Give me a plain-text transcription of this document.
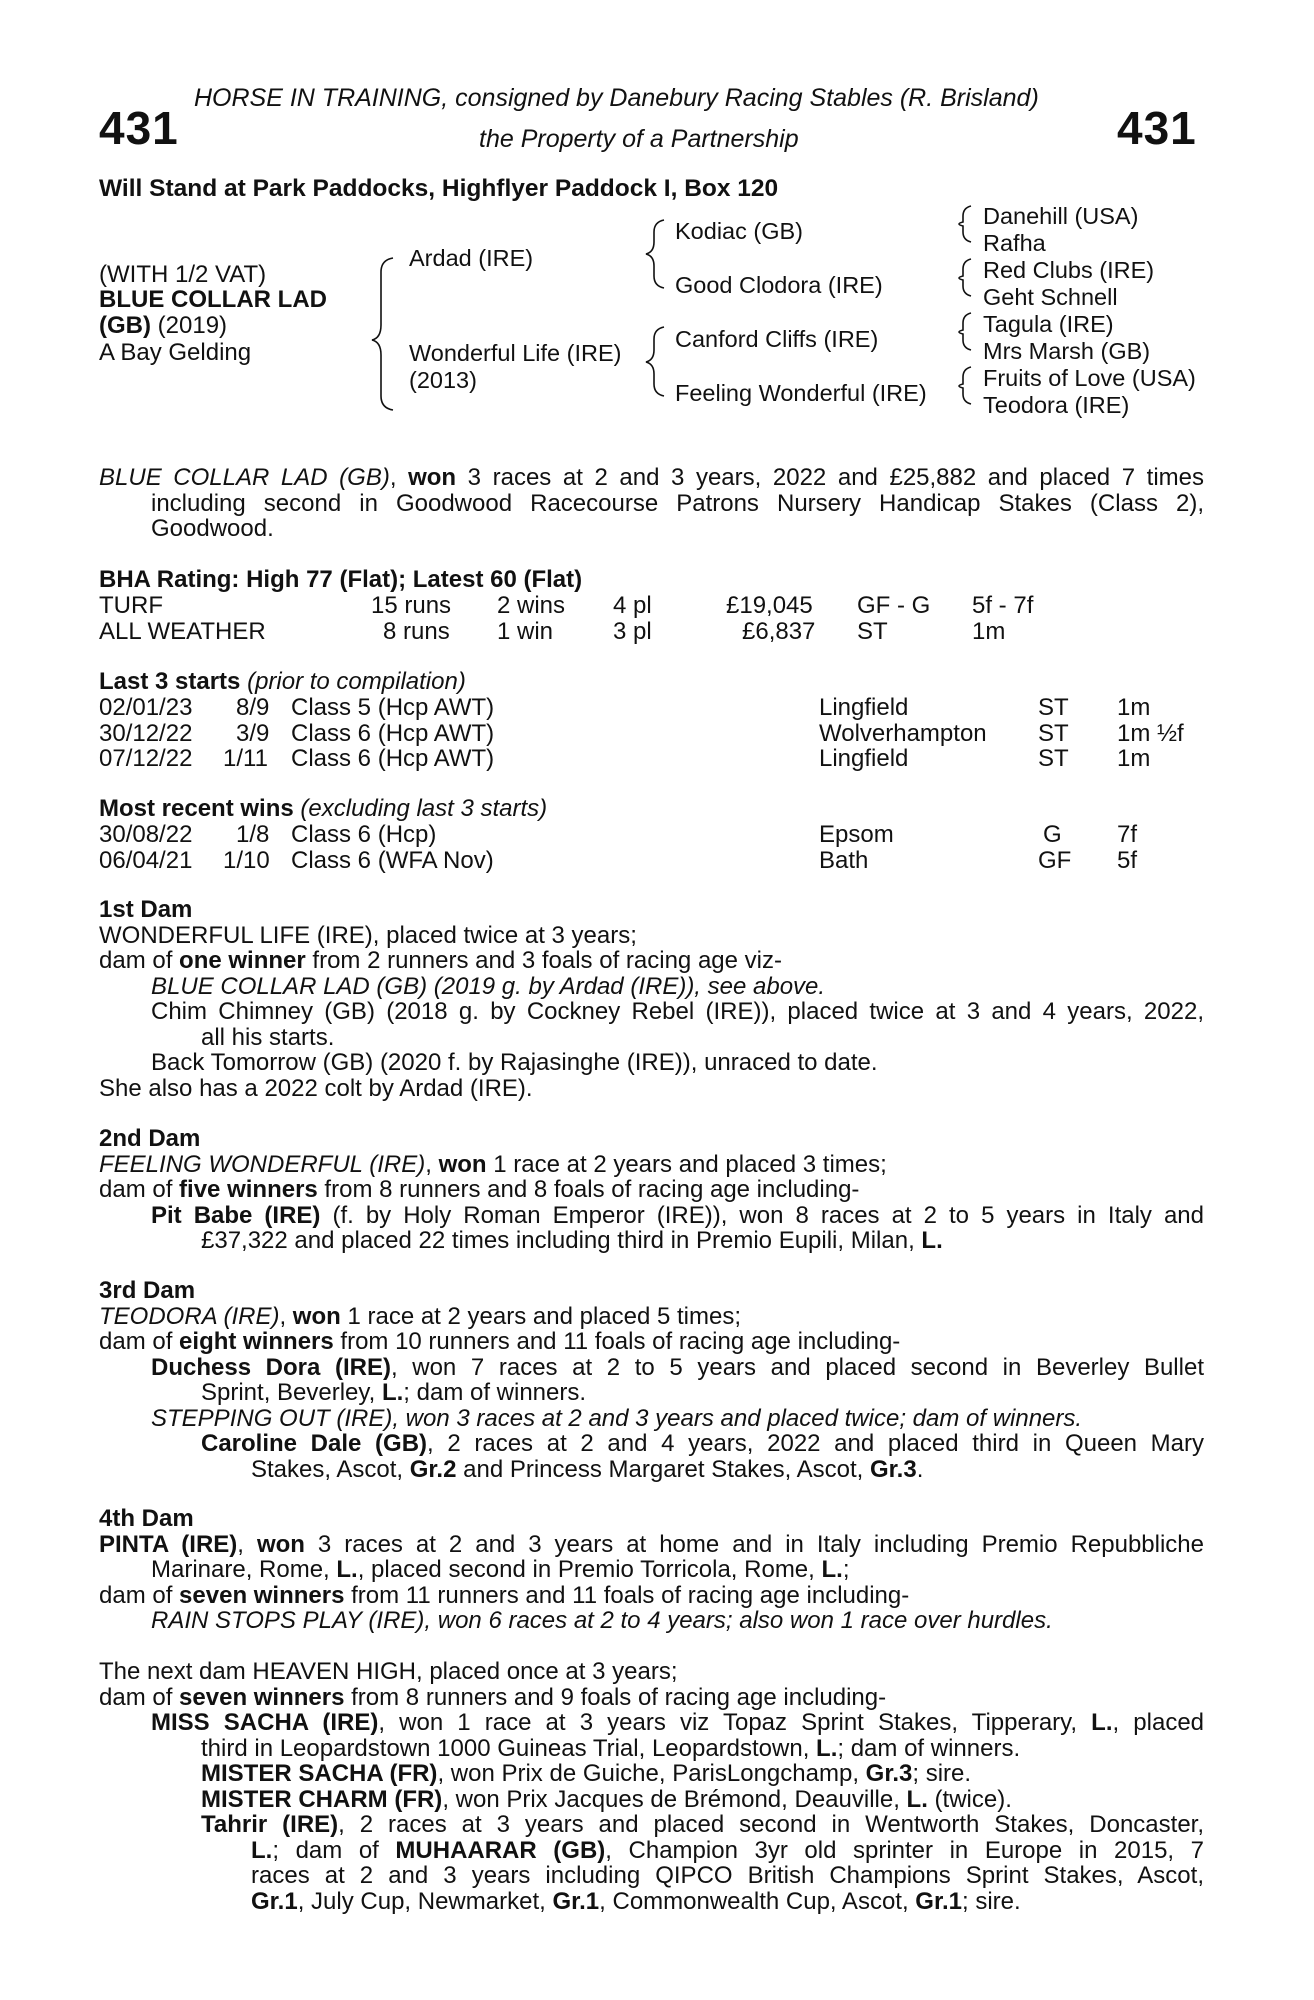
HORSE IN TRAINING, consigned by Danebury Racing Stables (R. Brisland)
431	the Property of a Partnership	431
Will Stand at Park Paddocks, Highflyer Paddock I, Box 120
(WITH 1/2 VAT)
BLUE COLLAR LAD
(GB) (2019)
A Bay Gelding
Ardad (IRE)
Wonderful Life (IRE)
(2013)
Kodiac (GB)
Good Clodora (IRE)
Canford Cliffs (IRE)
Feeling Wonderful (IRE)
Danehill (USA)
Rafha
Red Clubs (IRE)
Geht Schnell
Tagula (IRE)
Mrs Marsh (GB)
Fruits of Love (USA)
Teodora (IRE)
BLUE COLLAR LAD (GB), won 3 races at 2 and 3 years, 2022 and £25,882 and placed 7 times
including second in Goodwood Racecourse Patrons Nursery Handicap Stakes (Class 2),
Goodwood.
BHA Rating: High 77 (Flat); Latest 60 (Flat)
TURF	15 runs 2 wins 4 pl	£19,045 GF - G 5f - 7f
ALL WEATHER	8 runs 1 win 3 pl	£6,837 ST	1m
Last 3 starts (prior to compilation)
02/01/23 8/9 Class 5 (Hcp AWT)	Lingfield	ST 1m
30/12/22 3/9 Class 6 (Hcp AWT)	Wolverhampton ST 1m ½f
07/12/22 1/11 Class 6 (Hcp AWT)	Lingfield	ST 1m
Most recent wins (excluding last 3 starts)
30/08/22 1/8 Class 6 (Hcp)	Epsom	G 7f
06/04/21 1/10 Class 6 (WFA Nov)	Bath	GF 5f
1st Dam
WONDERFUL LIFE (IRE), placed twice at 3 years;
dam of one winner from 2 runners and 3 foals of racing age viz-
BLUE COLLAR LAD (GB) (2019 g. by Ardad (IRE)), see above.
Chim Chimney (GB) (2018 g. by Cockney Rebel (IRE)), placed twice at 3 and 4 years, 2022,
all his starts.
Back Tomorrow (GB) (2020 f. by Rajasinghe (IRE)), unraced to date.
She also has a 2022 colt by Ardad (IRE).
2nd Dam
FEELING WONDERFUL (IRE), won 1 race at 2 years and placed 3 times;
dam of five winners from 8 runners and 8 foals of racing age including-
Pit Babe (IRE) (f. by Holy Roman Emperor (IRE)), won 8 races at 2 to 5 years in Italy and
£37,322 and placed 22 times including third in Premio Eupili, Milan, L.
3rd Dam
TEODORA (IRE), won 1 race at 2 years and placed 5 times;
dam of eight winners from 10 runners and 11 foals of racing age including-
Duchess Dora (IRE), won 7 races at 2 to 5 years and placed second in Beverley Bullet
Sprint, Beverley, L.; dam of winners.
STEPPING OUT (IRE), won 3 races at 2 and 3 years and placed twice; dam of winners.
Caroline Dale (GB), 2 races at 2 and 4 years, 2022 and placed third in Queen Mary
Stakes, Ascot, Gr.2 and Princess Margaret Stakes, Ascot, Gr.3.
4th Dam
PINTA (IRE), won 3 races at 2 and 3 years at home and in Italy including Premio Repubbliche
Marinare, Rome, L., placed second in Premio Torricola, Rome, L.;
dam of seven winners from 11 runners and 11 foals of racing age including-
RAIN STOPS PLAY (IRE), won 6 races at 2 to 4 years; also won 1 race over hurdles.
The next dam HEAVEN HIGH, placed once at 3 years;
dam of seven winners from 8 runners and 9 foals of racing age including-
MISS SACHA (IRE), won 1 race at 3 years viz Topaz Sprint Stakes, Tipperary, L., placed
third in Leopardstown 1000 Guineas Trial, Leopardstown, L.; dam of winners.
MISTER SACHA (FR), won Prix de Guiche, ParisLongchamp, Gr.3; sire.
MISTER CHARM (FR), won Prix Jacques de Brémond, Deauville, L. (twice).
Tahrir (IRE), 2 races at 3 years and placed second in Wentworth Stakes, Doncaster,
L.; dam of MUHAARAR (GB), Champion 3yr old sprinter in Europe in 2015, 7
races at 2 and 3 years including QIPCO British Champions Sprint Stakes, Ascot,
Gr.1, July Cup, Newmarket, Gr.1, Commonwealth Cup, Ascot, Gr.1; sire.
